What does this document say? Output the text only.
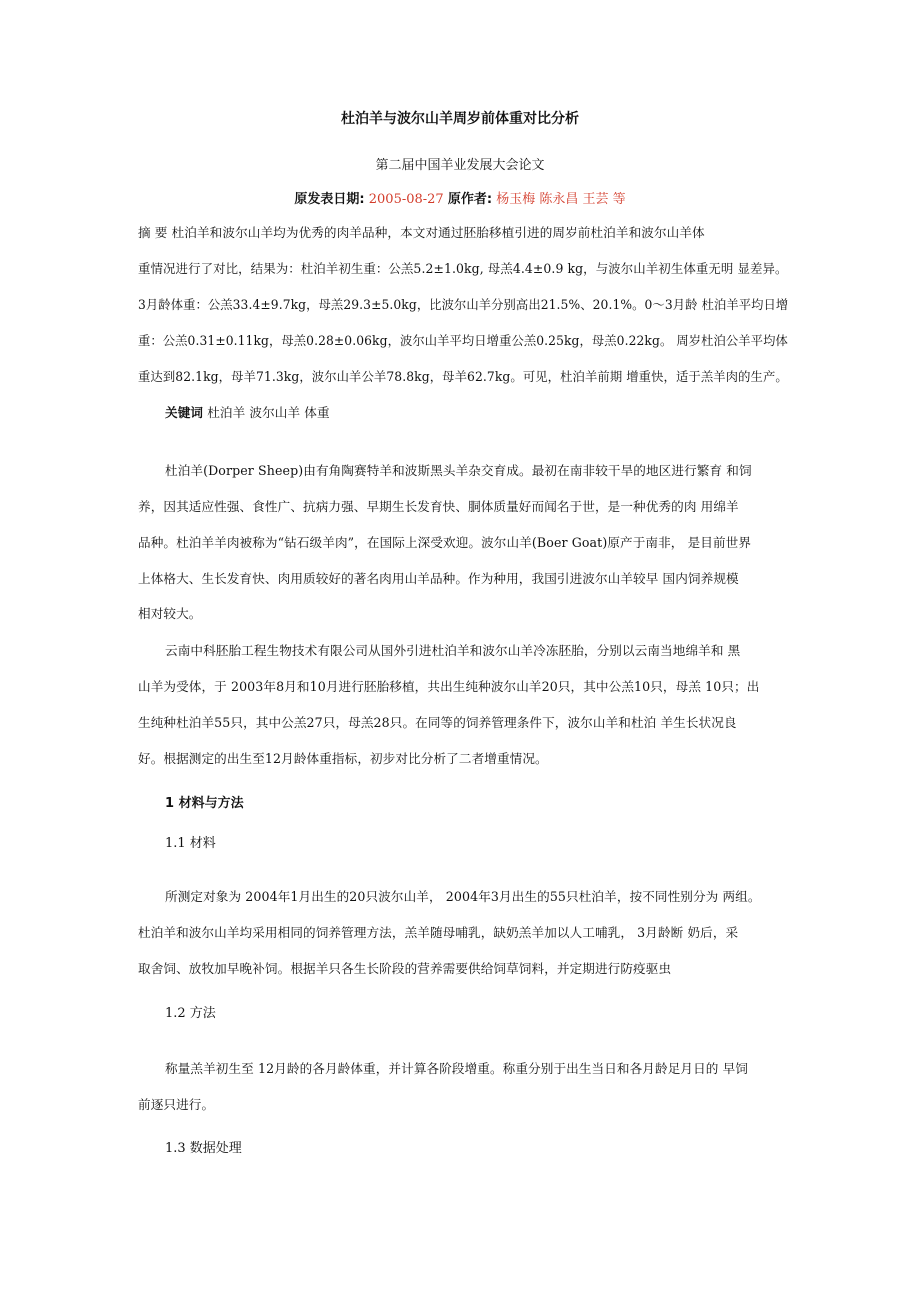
杜泊羊与波尔山羊周岁前体重对比分析
第二届中国羊业发展大会论文
原发表日期: 2005-08-27 原作者: 杨玉梅 陈永昌 王芸 等
摘 要 杜泊羊和波尔山羊均为优秀的肉羊品种，本文对通过胚胎移植引进的周岁前杜泊羊和波尔山羊体
重情况进行了对比，结果为：杜泊羊初生重：公羔5.2±1.0kg, 母羔4.4±0.9 kg，与波尔山羊初生体重无明 显差异。
3月龄体重：公羔33.4±9.7kg，母羔29.3±5.0kg，比波尔山羊分别高出21.5%、20.1%。0～3月龄 杜泊羊平均日增
重：公羔0.31±0.11kg，母羔0.28±0.06kg，波尔山羊平均日增重公羔0.25kg，母羔0.22kg。 周岁杜泊公羊平均体
重达到82.1kg，母羊71.3kg，波尔山羊公羊78.8kg，母羊62.7kg。可见，杜泊羊前期 增重快，适于羔羊肉的生产。
关键词 杜泊羊 波尔山羊 体重
杜泊羊(Dorper Sheep)由有角陶赛特羊和波斯黑头羊杂交育成。最初在南非较干旱的地区进行繁育 和饲
养，因其适应性强、食性广、抗病力强、早期生长发育快、胴体质量好而闻名于世，是一种优秀的肉 用绵羊
品种。杜泊羊羊肉被称为“钻石级羊肉”，在国际上深受欢迎。波尔山羊(Boer Goat)原产于南非， 是目前世界
上体格大、生长发育快、肉用质较好的著名肉用山羊品种。作为种用，我国引进波尔山羊较早 国内饲养规模
相对较大。
云南中科胚胎工程生物技术有限公司从国外引进杜泊羊和波尔山羊冷冻胚胎，分别以云南当地绵羊和 黑
山羊为受体，于 2003年8月和10月进行胚胎移植，共出生纯种波尔山羊20只，其中公羔10只，母羔 10只；出
生纯种杜泊羊55只，其中公羔27只，母羔28只。在同等的饲养管理条件下，波尔山羊和杜泊 羊生长状况良
好。根据测定的出生至12月龄体重指标，初步对比分析了二者增重情况。
1 材料与方法
1.1 材料
所测定对象为 2004年1月出生的20只波尔山羊， 2004年3月出生的55只杜泊羊，按不同性别分为 两组。
杜泊羊和波尔山羊均采用相同的饲养管理方法，羔羊随母哺乳，缺奶羔羊加以人工哺乳， 3月龄断 奶后，采
取舍饲、放牧加早晚补饲。根据羊只各生长阶段的营养需要供给饲草饲料，并定期进行防疫驱虫
1.2 方法
称量羔羊初生至 12月龄的各月龄体重，并计算各阶段增重。称重分别于出生当日和各月龄足月日的 早饲
前逐只进行。
1.3 数据处理
